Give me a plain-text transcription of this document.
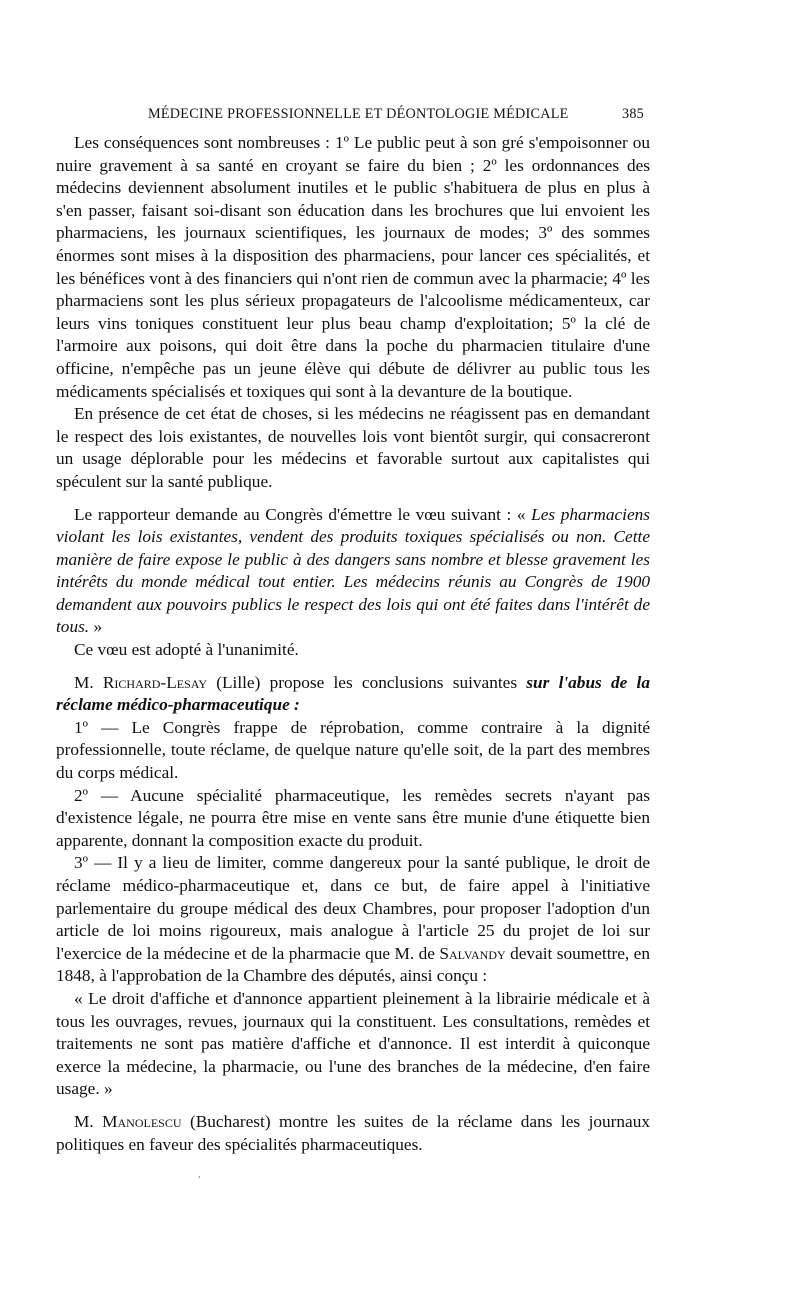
MÉDECINE PROFESSIONNELLE ET DÉONTOLOGIE MÉDICALE	385

Les conséquences sont nombreuses : 1º Le public peut à son gré s'empoisonner ou nuire gravement à sa santé en croyant se faire du bien ; 2º les ordonnances des médecins deviennent absolument inutiles et le public s'habituera de plus en plus à s'en passer, faisant soi-disant son éducation dans les brochures que lui envoient les pharmaciens, les journaux scientifiques, les journaux de modes; 3º des sommes énormes sont mises à la disposition des pharmaciens, pour lancer ces spécialités, et les bénéfices vont à des financiers qui n'ont rien de commun avec la pharmacie; 4º les pharmaciens sont les plus sérieux propagateurs de l'alcoolisme médicamenteux, car leurs vins toniques constituent leur plus beau champ d'exploitation; 5º la clé de l'armoire aux poisons, qui doit être dans la poche du pharmacien titulaire d'une officine, n'empêche pas un jeune élève qui débute de délivrer au public tous les médicaments spécialisés et toxiques qui sont à la devanture de la boutique.

En présence de cet état de choses, si les médecins ne réagissent pas en demandant le respect des lois existantes, de nouvelles lois vont bientôt surgir, qui consacreront un usage déplorable pour les médecins et favorable surtout aux capitalistes qui spéculent sur la santé publique.

Le rapporteur demande au Congrès d'émettre le vœu suivant : « Les pharmaciens violant les lois existantes, vendent des produits toxiques spécialisés ou non. Cette manière de faire expose le public à des dangers sans nombre et blesse gravement les intérêts du monde médical tout entier. Les médecins réunis au Congrès de 1900 demandent aux pouvoirs publics le respect des lois qui ont été faites dans l'intérêt de tous. »

Ce vœu est adopté à l'unanimité.

M. Richard-Lesay (Lille) propose les conclusions suivantes sur l'abus de la réclame médico-pharmaceutique :

1º — Le Congrès frappe de réprobation, comme contraire à la dignité professionnelle, toute réclame, de quelque nature qu'elle soit, de la part des membres du corps médical.

2º — Aucune spécialité pharmaceutique, les remèdes secrets n'ayant pas d'existence légale, ne pourra être mise en vente sans être munie d'une étiquette bien apparente, donnant la composition exacte du produit.

3º — Il y a lieu de limiter, comme dangereux pour la santé publique, le droit de réclame médico-pharmaceutique et, dans ce but, de faire appel à l'initiative parlementaire du groupe médical des deux Chambres, pour proposer l'adoption d'un article de loi moins rigoureux, mais analogue à l'article 25 du projet de loi sur l'exercice de la médecine et de la pharmacie que M. de Salvandy devait soumettre, en 1848, à l'approbation de la Chambre des députés, ainsi conçu :

« Le droit d'affiche et d'annonce appartient pleinement à la librairie médicale et à tous les ouvrages, revues, journaux qui la constituent. Les consultations, remèdes et traitements ne sont pas matière d'affiche et d'annonce. Il est interdit à quiconque exerce la médecine, la pharmacie, ou l'une des branches de la médecine, d'en faire usage. »

M. Manolescu (Bucharest) montre les suites de la réclame dans les journaux politiques en faveur des spécialités pharmaceutiques.

,
